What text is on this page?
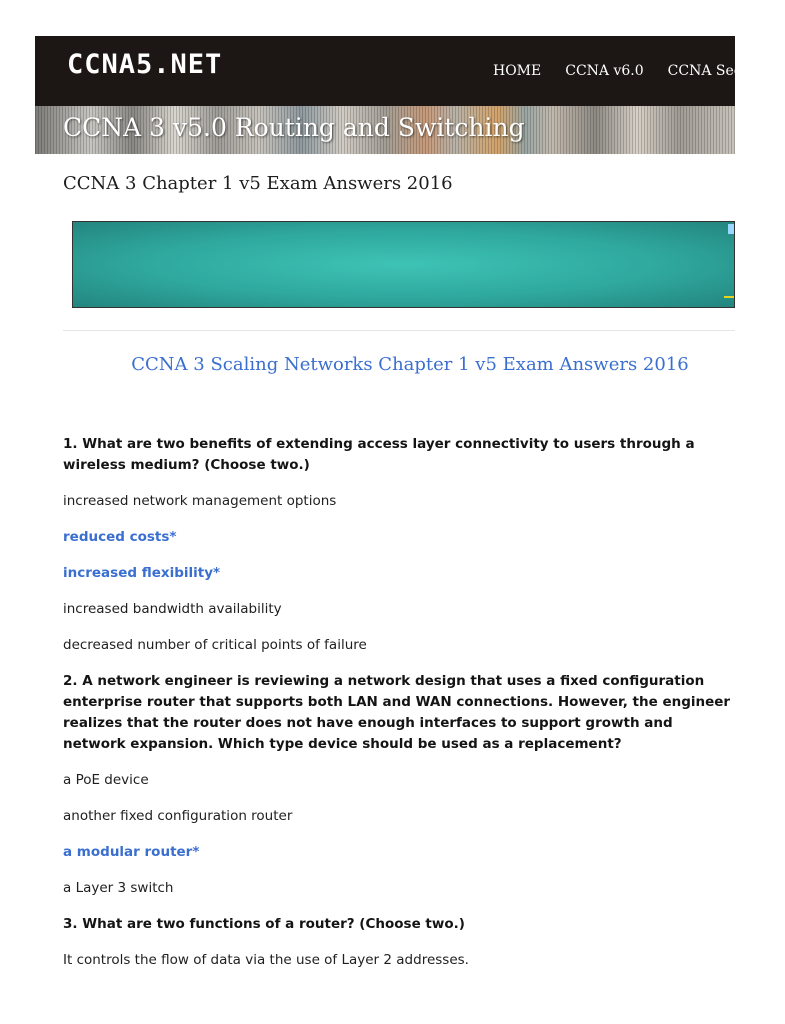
CCNA5.NET	HOME CCNA v6.0 CCNA Secu
CCNA 3 v5.0 Routing and Switching
CCNA 3 Chapter 1 v5 Exam Answers 2016
CCNA 3 Scaling Networks Chapter 1 v5 Exam Answers 2016

1. What are two benefits of extending access layer connectivity to users through a wireless medium? (Choose two.)

increased network management options

reduced costs*

increased flexibility*

increased bandwidth availability

decreased number of critical points of failure

2. A network engineer is reviewing a network design that uses a fixed configuration enterprise router that supports both LAN and WAN connections. However, the engineer realizes that the router does not have enough interfaces to support growth and network expansion. Which type device should be used as a replacement?

a PoE device

another fixed configuration router

a modular router*

a Layer 3 switch

3. What are two functions of a router? (Choose two.)

It controls the flow of data via the use of Layer 2 addresses.
